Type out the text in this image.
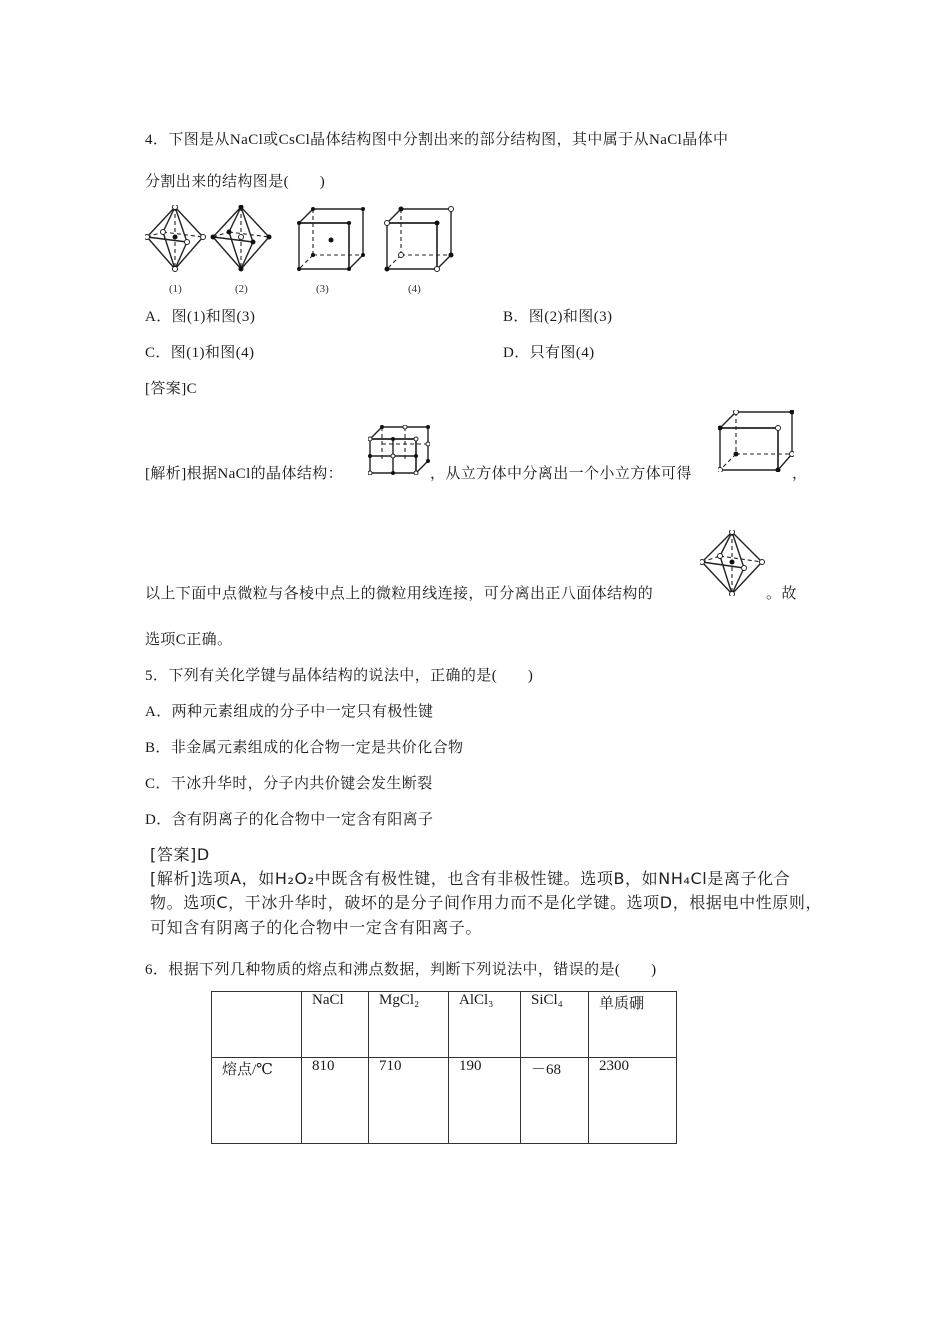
4．下图是从NaCl或CsCl晶体结构图中分割出来的部分结构图，其中属于从NaCl晶体中
分割出来的结构图是(　　)
(1)	(2)	(3)	(4)
A．图(1)和图(3)	B．图(2)和图(3)
C．图(1)和图(4)	D．只有图(4)
[答案]C
[解析]根据NaCl的晶体结构：	，从立方体中分离出一个小立方体可得	，
以上下面中点微粒与各棱中点上的微粒用线连接，可分离出正八面体结构的	。故
选项C正确。
5．下列有关化学键与晶体结构的说法中，正确的是(　　)
A．两种元素组成的分子中一定只有极性键
B．非金属元素组成的化合物一定是共价化合物
C．干冰升华时，分子内共价键会发生断裂
D．含有阴离子的化合物中一定含有阳离子
[答案]D
[解析]选项A，如H₂O₂中既含有极性键，也含有非极性键。选项B，如NH₄Cl是离子化合
物。选项C，干冰升华时，破坏的是分子间作用力而不是化学键。选项D，根据电中性原则，
可知含有阴离子的化合物中一定含有阳离子。
6．根据下列几种物质的熔点和沸点数据，判断下列说法中，错误的是(　　)
	NaCl	MgCl₂	AlCl₃	SiCl₄	单质硼
熔点/℃	810	710	190	－68	2300
